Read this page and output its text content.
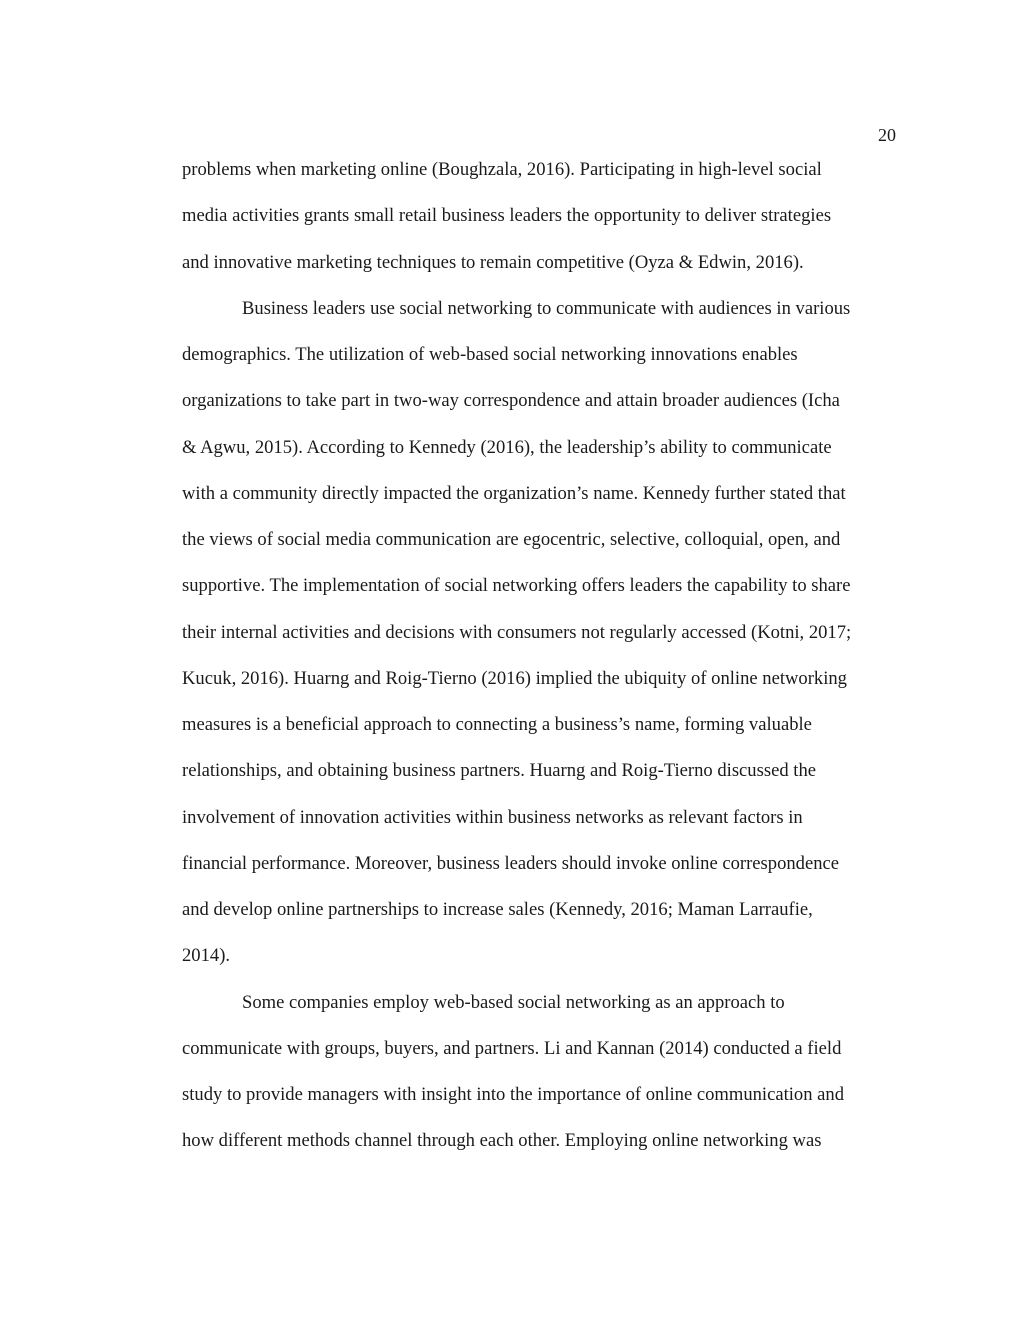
20
problems when marketing online (Boughzala, 2016). Participating in high-level social
media activities grants small retail business leaders the opportunity to deliver strategies
and innovative marketing techniques to remain competitive (Oyza & Edwin, 2016).
Business leaders use social networking to communicate with audiences in various
demographics. The utilization of web-based social networking innovations enables
organizations to take part in two-way correspondence and attain broader audiences (Icha
& Agwu, 2015). According to Kennedy (2016), the leadership’s ability to communicate
with a community directly impacted the organization’s name. Kennedy further stated that
the views of social media communication are egocentric, selective, colloquial, open, and
supportive. The implementation of social networking offers leaders the capability to share
their internal activities and decisions with consumers not regularly accessed (Kotni, 2017;
Kucuk, 2016). Huarng and Roig-Tierno (2016) implied the ubiquity of online networking
measures is a beneficial approach to connecting a business’s name, forming valuable
relationships, and obtaining business partners. Huarng and Roig-Tierno discussed the
involvement of innovation activities within business networks as relevant factors in
financial performance. Moreover, business leaders should invoke online correspondence
and develop online partnerships to increase sales (Kennedy, 2016; Maman Larraufie,
2014).
Some companies employ web-based social networking as an approach to
communicate with groups, buyers, and partners. Li and Kannan (2014) conducted a field
study to provide managers with insight into the importance of online communication and
how different methods channel through each other. Employing online networking was
